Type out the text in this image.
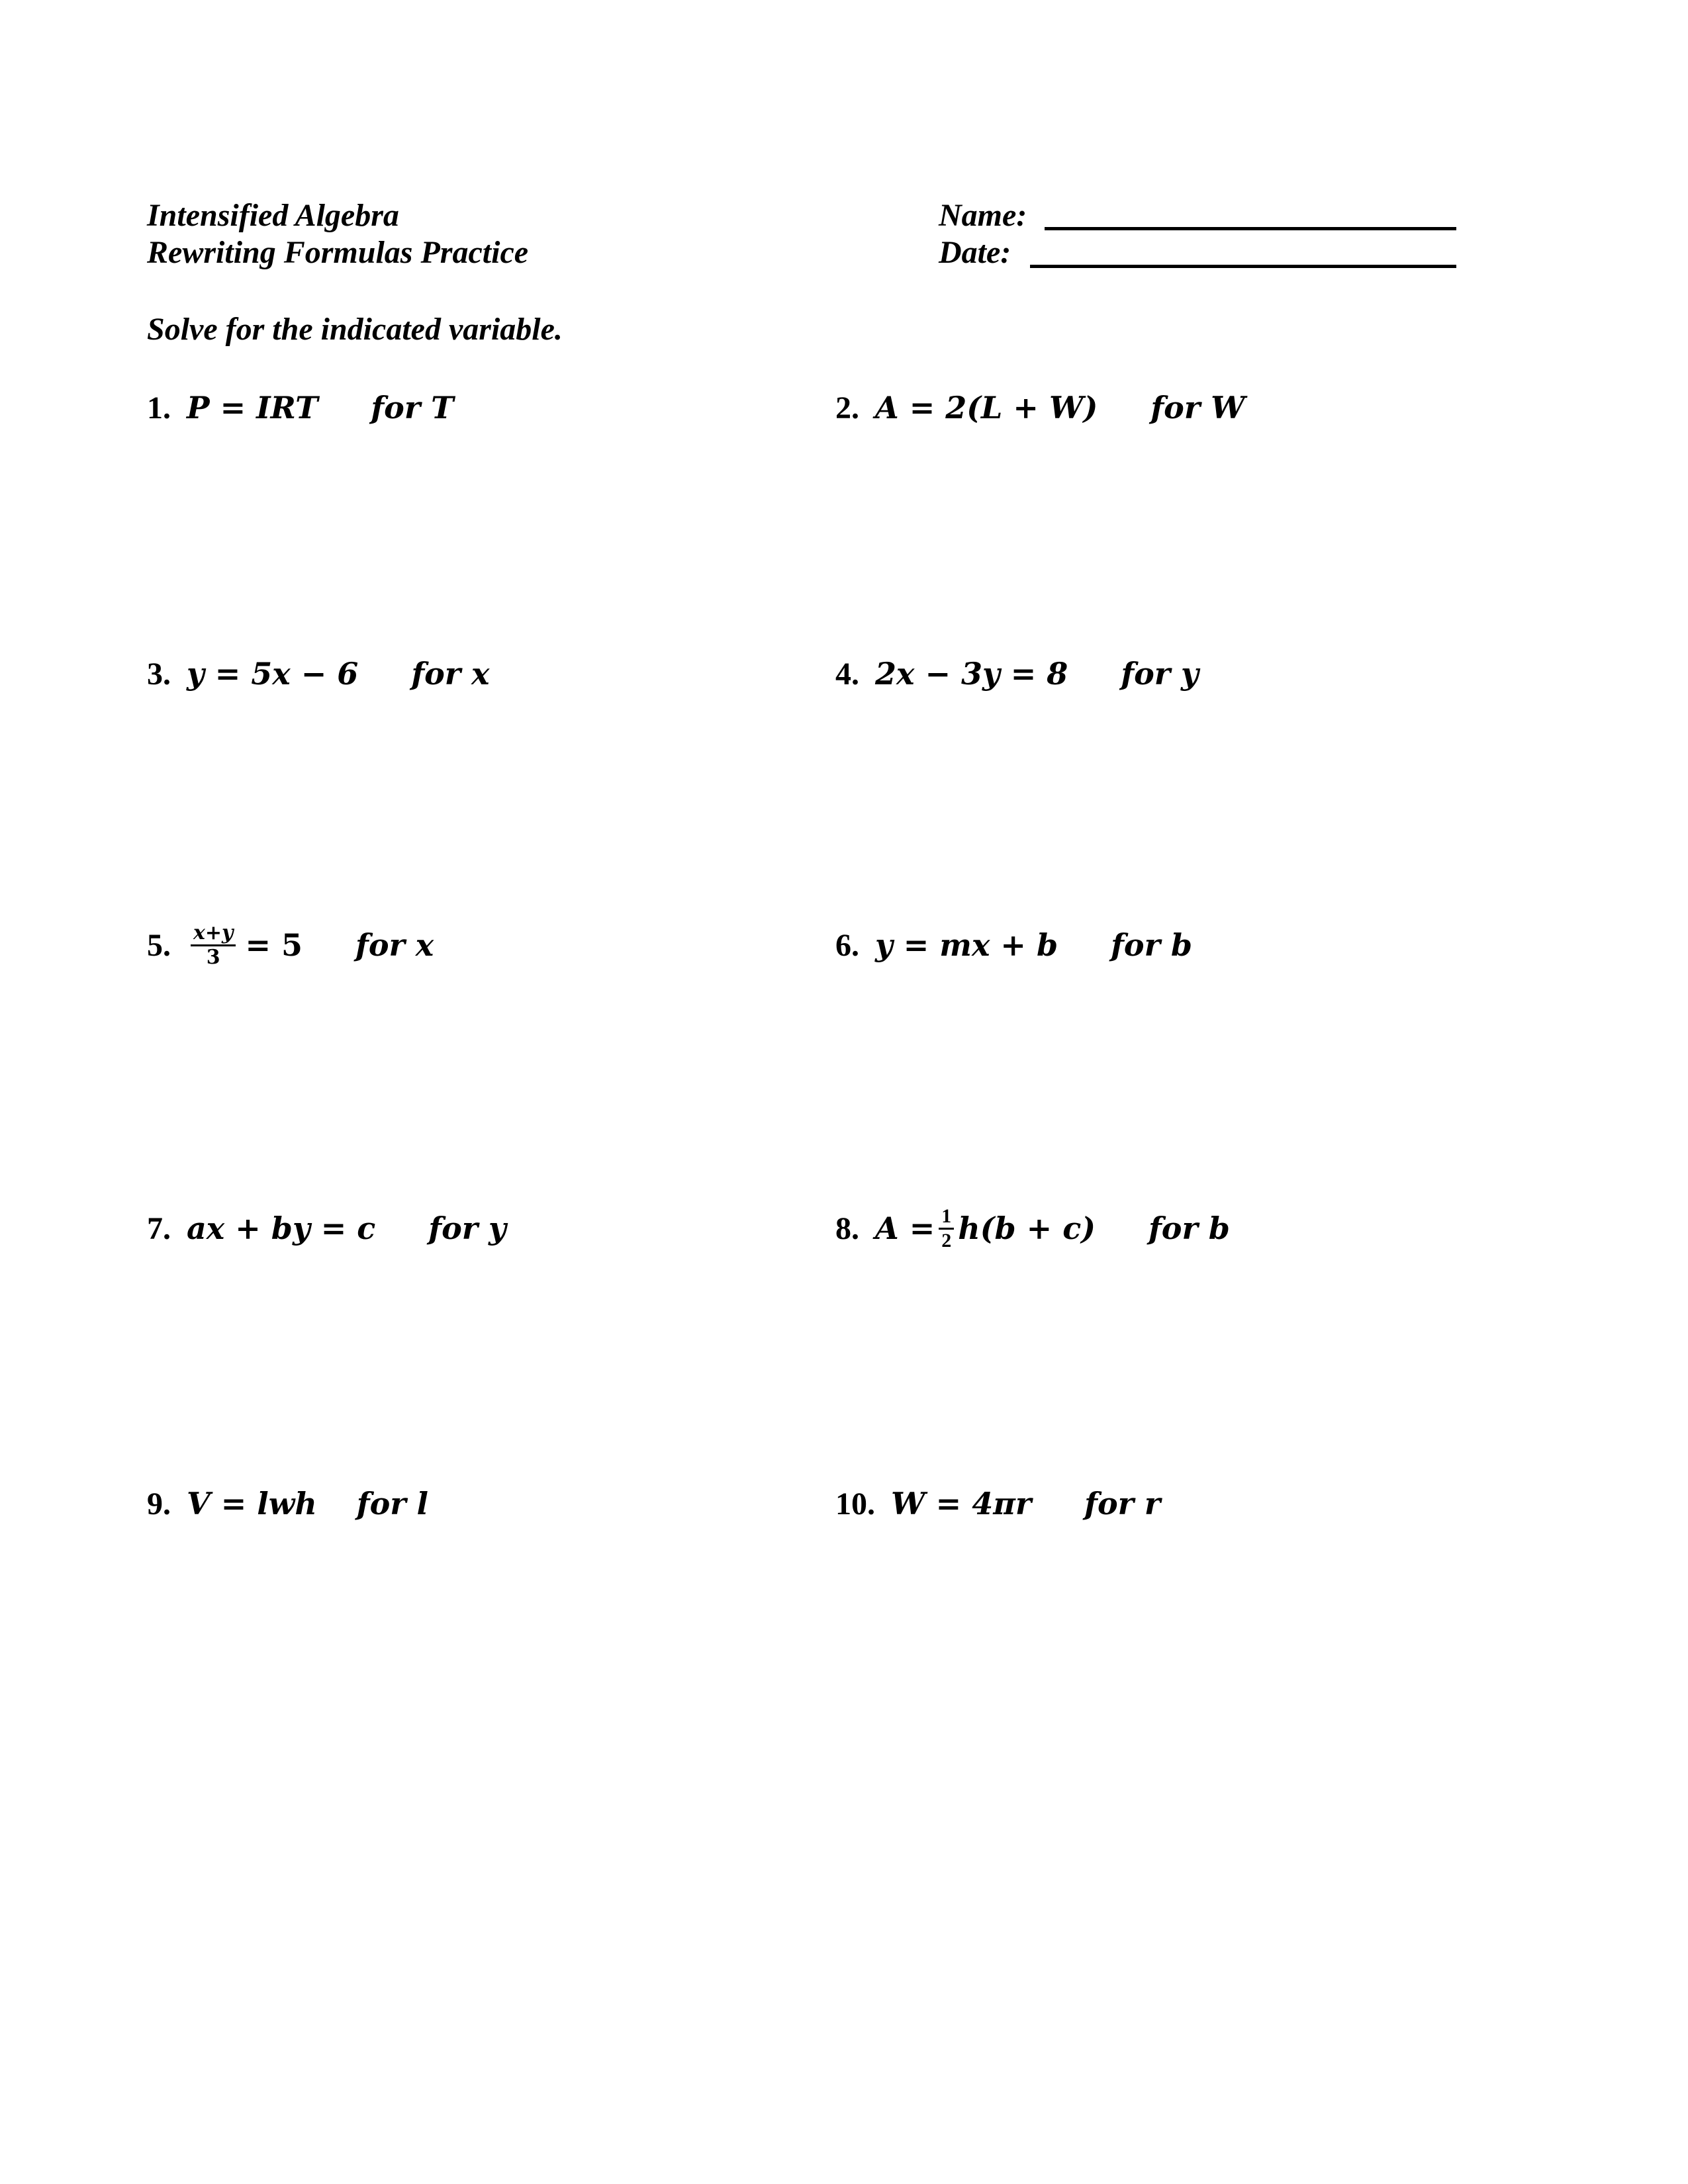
Intensified Algebra
Rewriting Formulas Practice
Name:
Date:
Solve for the indicated variable.
1. P = IRT for T	2. A = 2(L + W) for W
3. y = 5x − 6 for x	4. 2x − 3y = 8 for y
5. $\frac{x+y}{3} = 5$ for x	6. y = mx + b for b
7. ax + by = c for y	8. $A = \frac{1}{2} h(b + c)$ for b
9. V = lwh for l	10. W = 4πr for r
